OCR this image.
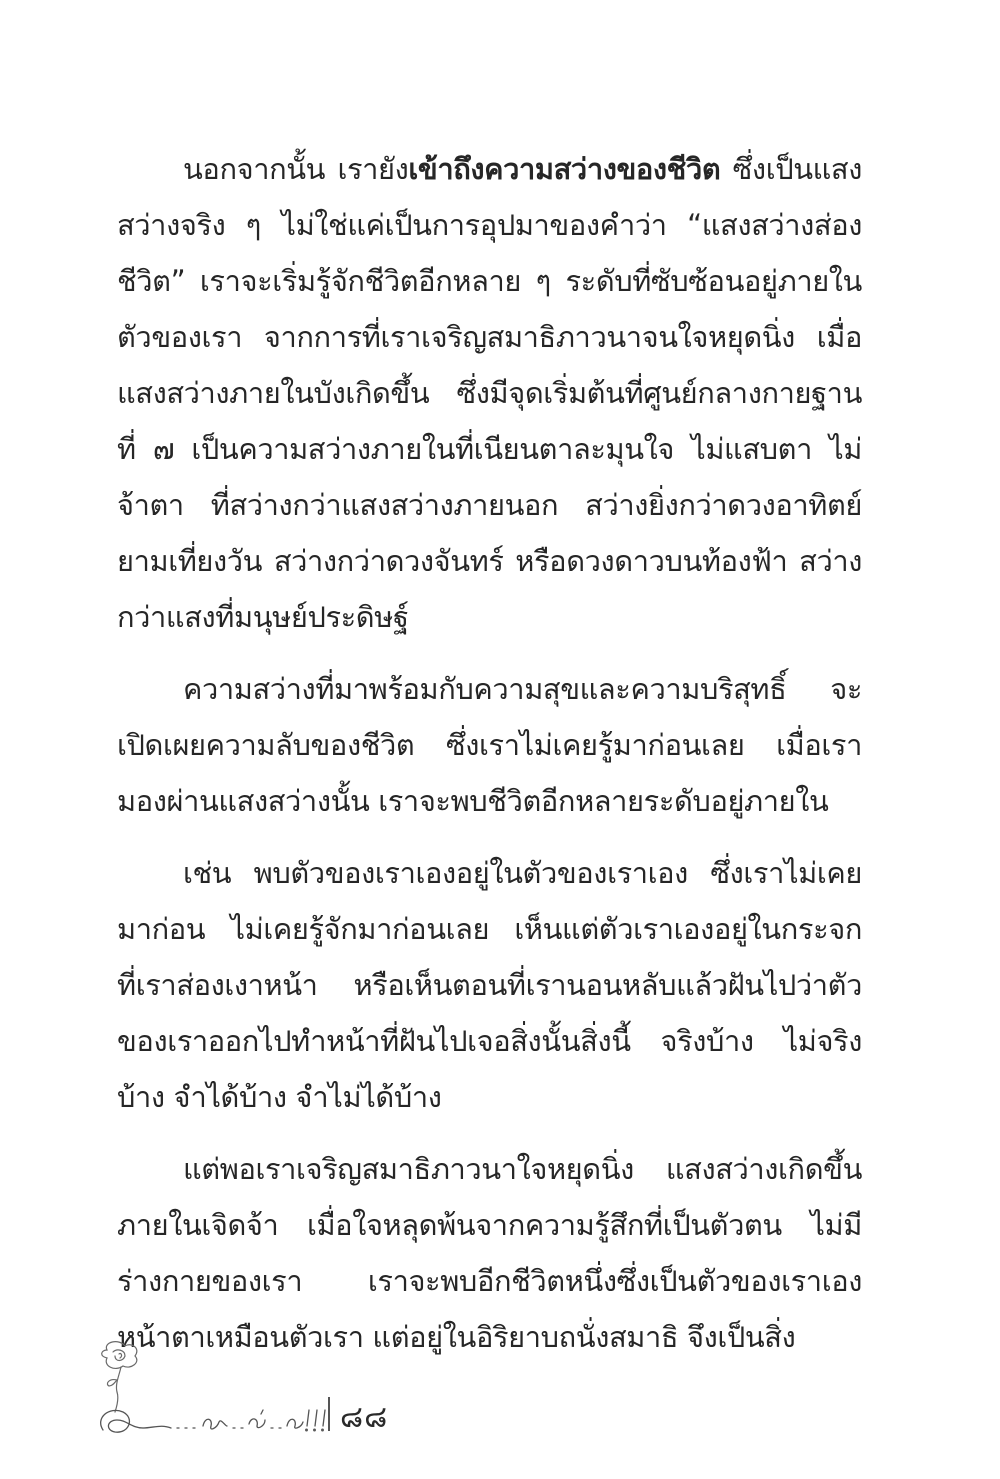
นอกจากนั้น เรายังเข้าถึงความสว่างของชีวิต ซึ่งเป็นแสง
สว่างจริง ๆ ไม่ใช่แค่เป็นการอุปมาของคำว่า “แสงสว่างส่อง
ชีวิต” เราจะเริ่มรู้จักชีวิตอีกหลาย ๆ ระดับที่ซับซ้อนอยู่ภายใน
ตัวของเรา จากการที่เราเจริญสมาธิภาวนาจนใจหยุดนิ่ง เมื่อ
แสงสว่างภายในบังเกิดขึ้น ซึ่งมีจุดเริ่มต้นที่ศูนย์กลางกายฐาน
ที่ ๗ เป็นความสว่างภายในที่เนียนตาละมุนใจ ไม่แสบตา ไม่
จ้าตา ที่สว่างกว่าแสงสว่างภายนอก สว่างยิ่งกว่าดวงอาทิตย์
ยามเที่ยงวัน สว่างกว่าดวงจันทร์ หรือดวงดาวบนท้องฟ้า สว่าง
กว่าแสงที่มนุษย์ประดิษฐ์
ความสว่างที่มาพร้อมกับความสุขและความบริสุทธิ์ จะ
เปิดเผยความลับของชีวิต ซึ่งเราไม่เคยรู้มาก่อนเลย เมื่อเรา
มองผ่านแสงสว่างนั้น เราจะพบชีวิตอีกหลายระดับอยู่ภายใน
เช่น พบตัวของเราเองอยู่ในตัวของเราเอง ซึ่งเราไม่เคย
มาก่อน ไม่เคยรู้จักมาก่อนเลย เห็นแต่ตัวเราเองอยู่ในกระจก
ที่เราส่องเงาหน้า หรือเห็นตอนที่เรานอนหลับแล้วฝันไปว่าตัว
ของเราออกไปทำหน้าที่ฝันไปเจอสิ่งนั้นสิ่งนี้ จริงบ้าง ไม่จริง
บ้าง จำได้บ้าง จำไม่ได้บ้าง
แต่พอเราเจริญสมาธิภาวนาใจหยุดนิ่ง แสงสว่างเกิดขึ้น
ภายในเจิดจ้า เมื่อใจหลุดพ้นจากความรู้สึกที่เป็นตัวตน ไม่มี
ร่างกายของเรา เราจะพบอีกชีวิตหนึ่งซึ่งเป็นตัวของเราเอง
หน้าตาเหมือนตัวเรา แต่อยู่ในอิริยาบถนั่งสมาธิ จึงเป็นสิ่ง
๘๘
